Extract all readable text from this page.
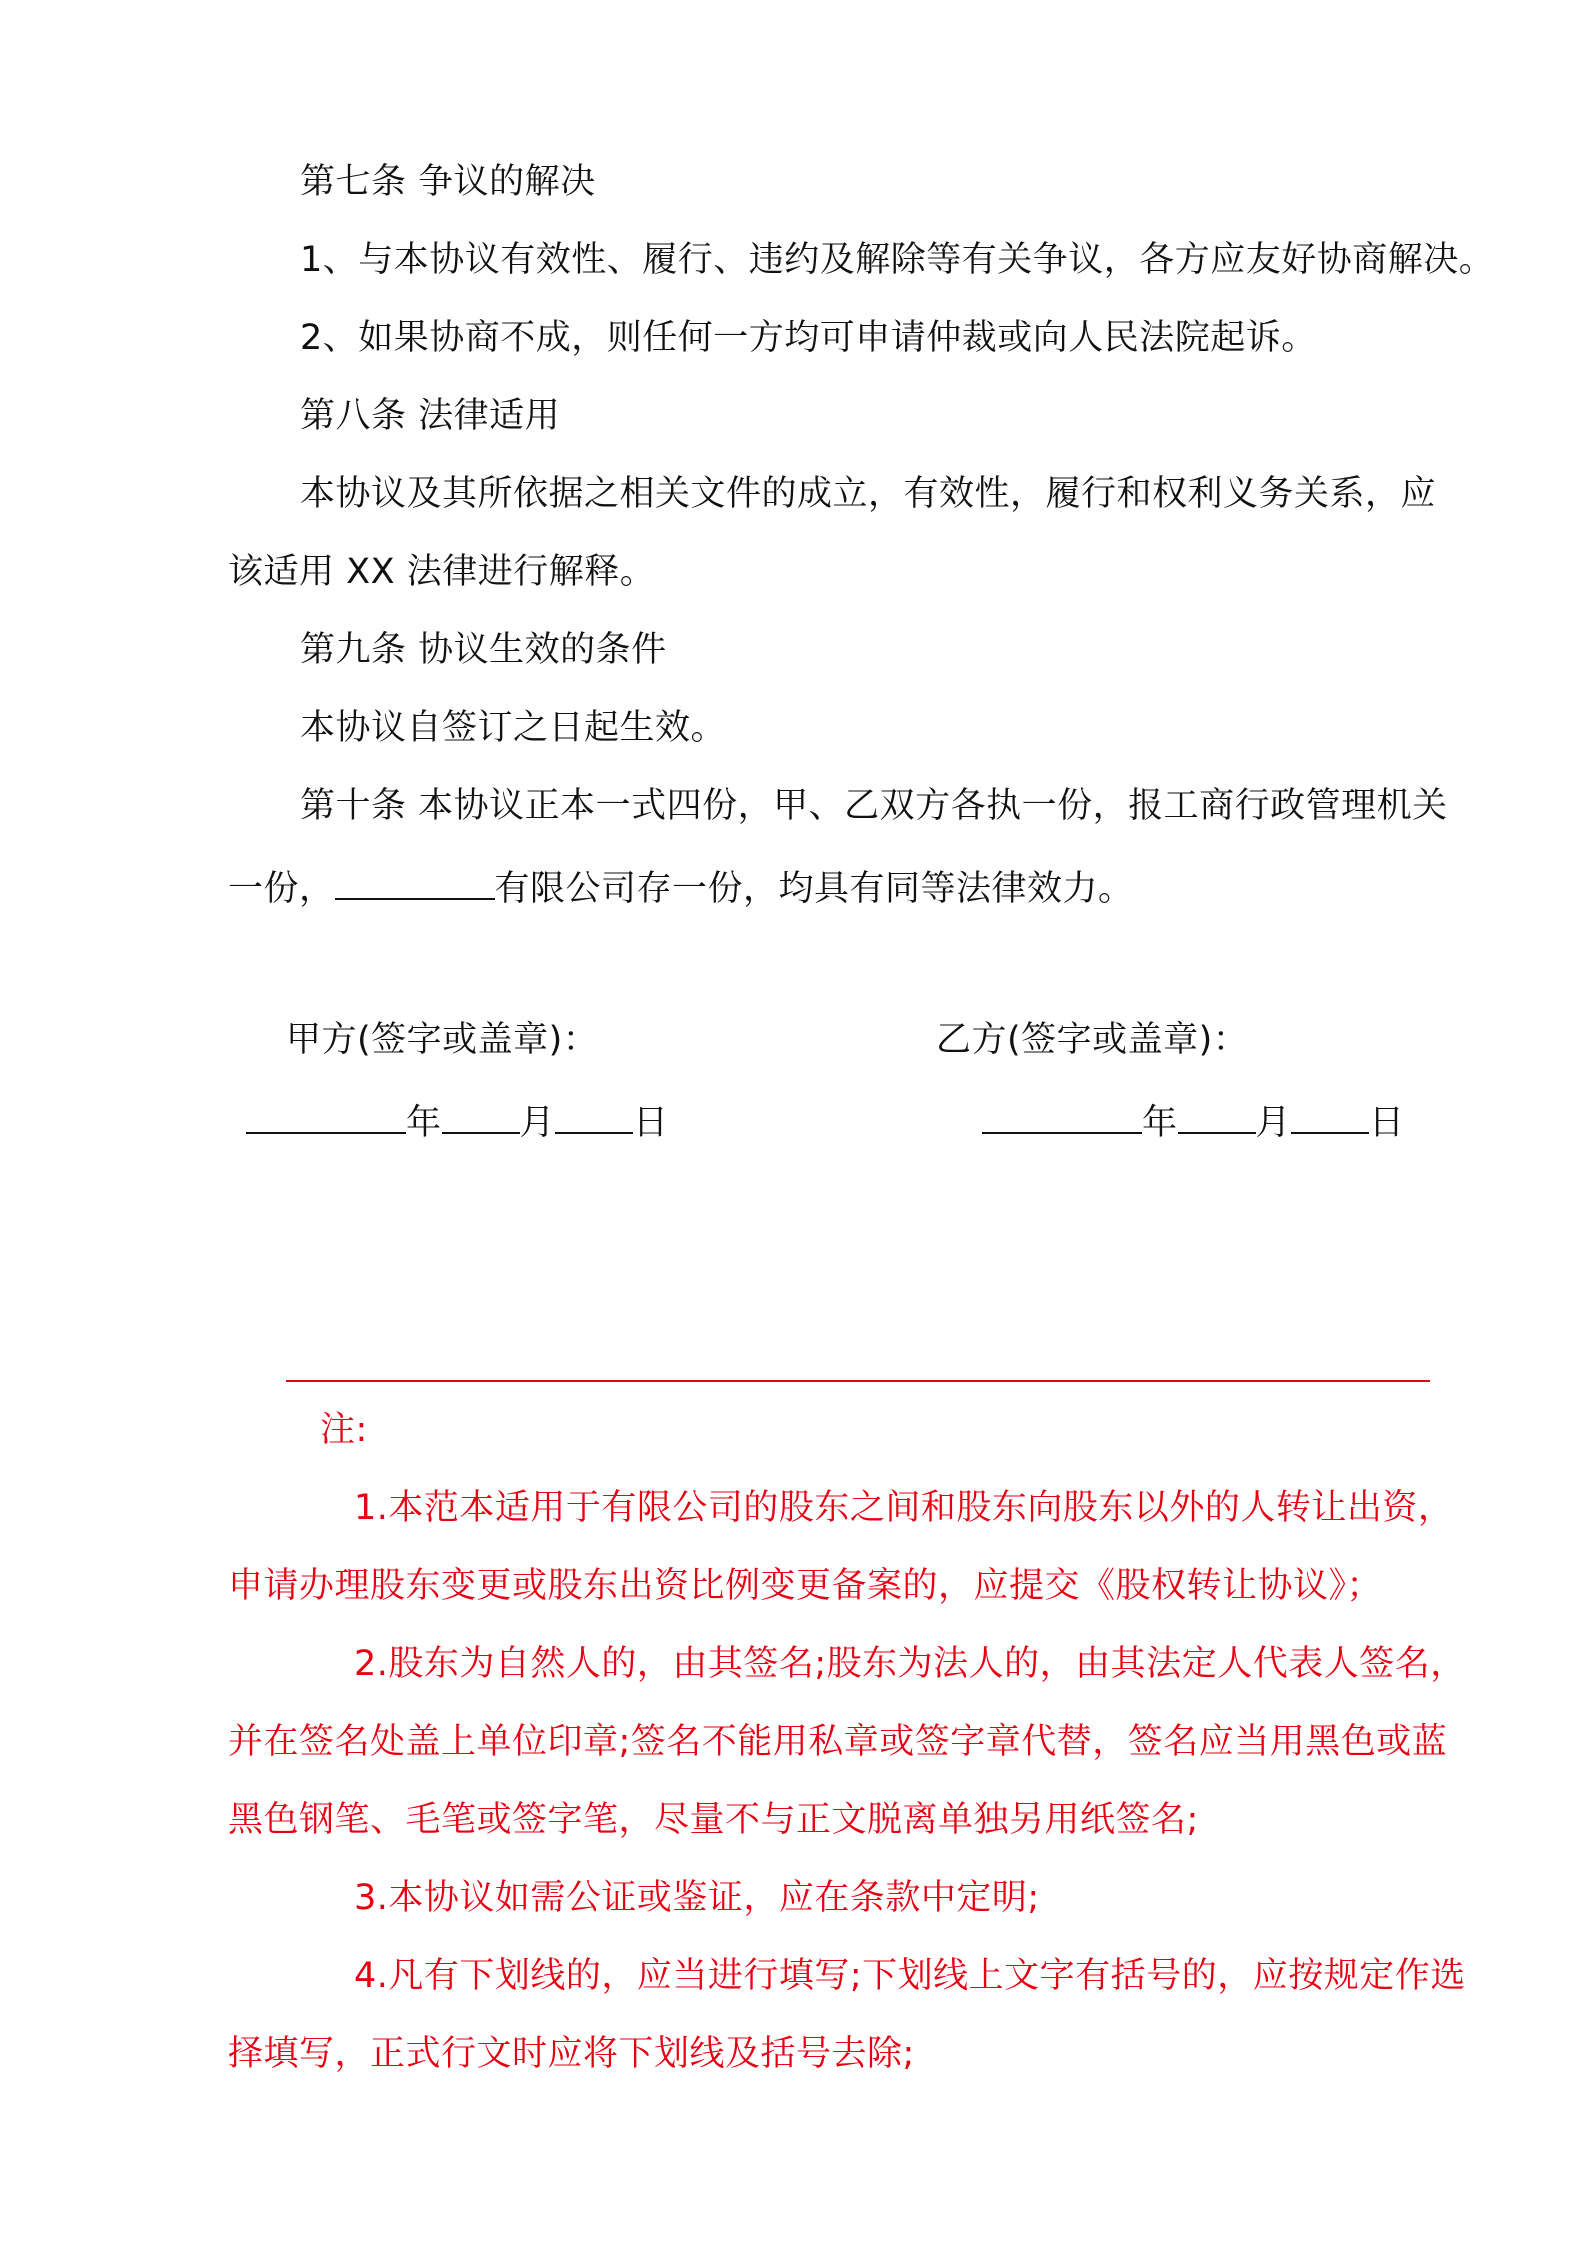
第七条 争议的解决
1、与本协议有效性、履行、违约及解除等有关争议，各方应友好协商解决。
2、如果协商不成，则任何一方均可申请仲裁或向人民法院起诉。
第八条 法律适用
本协议及其所依据之相关文件的成立，有效性，履行和权利义务关系，应
该适用 XX 法律进行解释。
第九条 协议生效的条件
本协议自签订之日起生效。
第十条 本协议正本一式四份，甲、乙双方各执一份，报工商行政管理机关
一份，	有限公司存一份，均具有同等法律效力。
甲方(签字或盖章)：	乙方(签字或盖章)：
年 月 日	年 月 日
注:
1.本范本适用于有限公司的股东之间和股东向股东以外的人转让出资，
申请办理股东变更或股东出资比例变更备案的，应提交《股权转让协议》；
2.股东为自然人的，由其签名;股东为法人的，由其法定人代表人签名，
并在签名处盖上单位印章;签名不能用私章或签字章代替，签名应当用黑色或蓝
黑色钢笔、毛笔或签字笔，尽量不与正文脱离单独另用纸签名;
3.本协议如需公证或鉴证，应在条款中定明;
4.凡有下划线的，应当进行填写;下划线上文字有括号的，应按规定作选
择填写，正式行文时应将下划线及括号去除;
